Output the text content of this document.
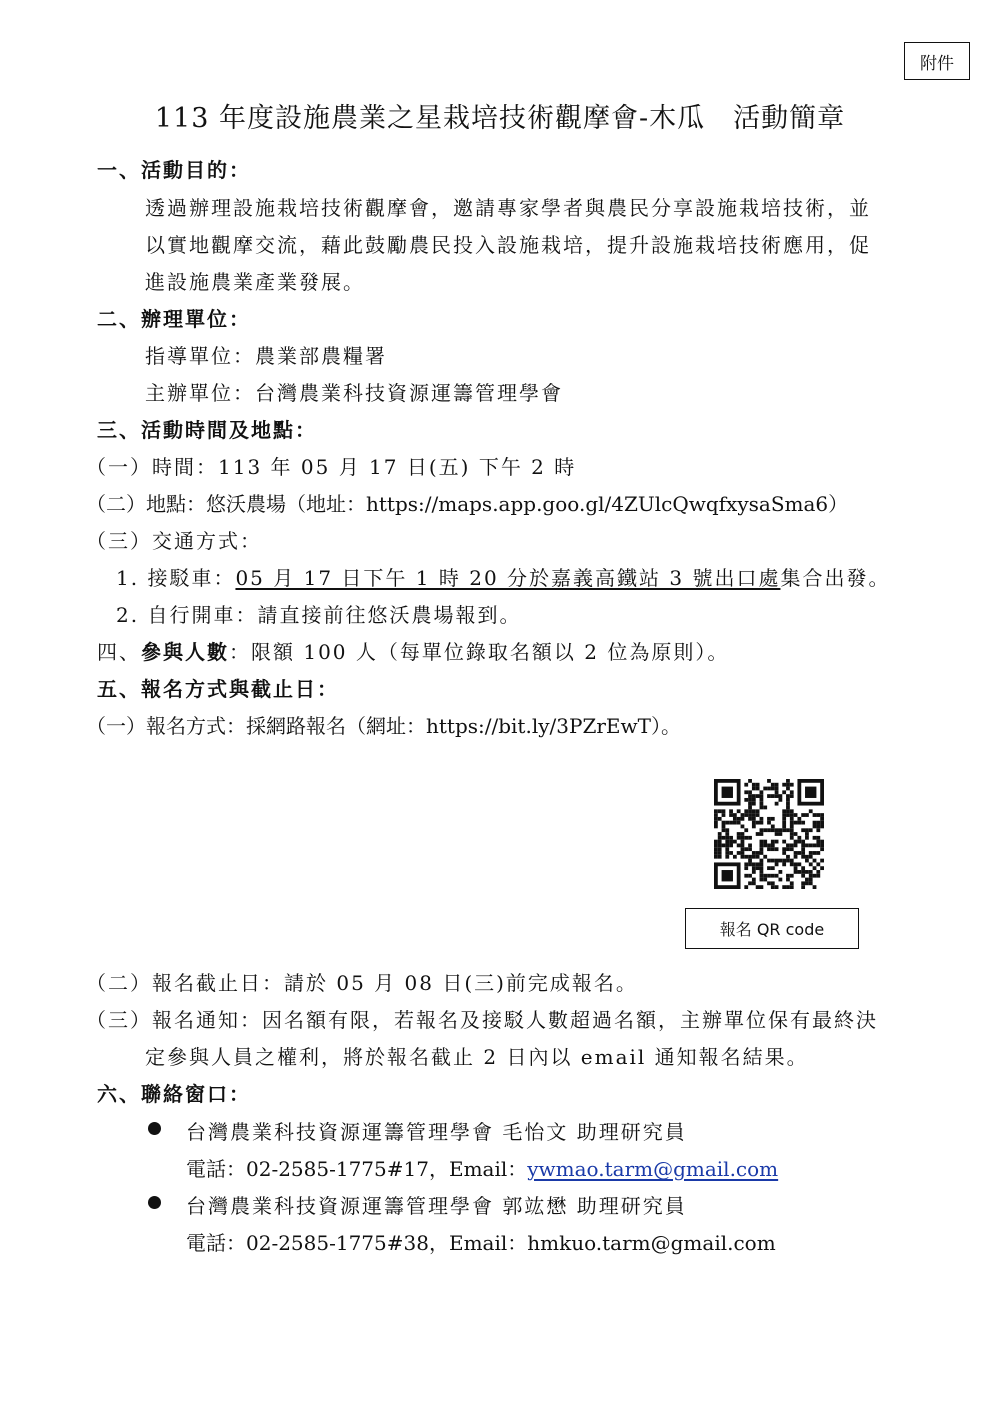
附件
113 年度設施農業之星栽培技術觀摩會-木瓜　活動簡章
一、活動目的：
透過辦理設施栽培技術觀摩會，邀請專家學者與農民分享設施栽培技術，並
以實地觀摩交流，藉此鼓勵農民投入設施栽培，提升設施栽培技術應用，促
進設施農業產業發展。
二、辦理單位：
指導單位：農業部農糧署
主辦單位：台灣農業科技資源運籌管理學會
三、活動時間及地點：
（一）時間：113 年 05 月 17 日(五) 下午 2 時
（二）地點：悠沃農場（地址：https://maps.app.goo.gl/4ZUlcQwqfxysaSma6）
（三）交通方式：
1. 接駁車：05 月 17 日下午 1 時 20 分於嘉義高鐵站 3 號出口處集合出發。
2. 自行開車：請直接前往悠沃農場報到。
四、參與人數：限額 100 人（每單位錄取名額以 2 位為原則）。
五、報名方式與截止日：
（一）報名方式：採網路報名（網址：https://bit.ly/3PZrEwT）。
報名 QR code
（二）報名截止日：請於 05 月 08 日(三)前完成報名。
（三）報名通知：因名額有限，若報名及接駁人數超過名額，主辦單位保有最終決
定參與人員之權利，將於報名截止 2 日內以 email 通知報名結果。
六、聯絡窗口：
台灣農業科技資源運籌管理學會 毛怡文 助理研究員
電話：02-2585-1775#17，Email：ywmao.tarm@gmail.com
台灣農業科技資源運籌管理學會 郭竑懋 助理研究員
電話：02-2585-1775#38，Email：hmkuo.tarm@gmail.com
